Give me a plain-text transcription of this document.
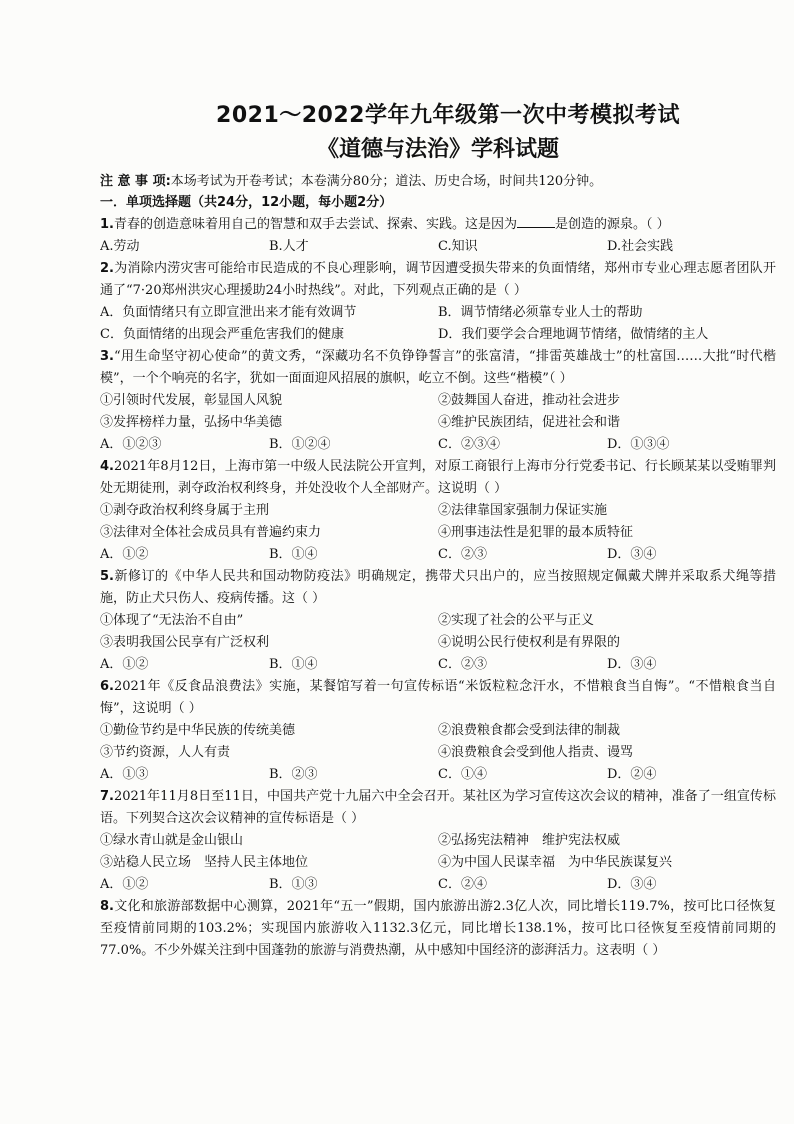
2021～2022学年九年级第一次中考模拟考试
《道德与法治》学科试题
注 意 事 项:本场考试为开卷考试；本卷满分80分；道法、历史合场，时间共120分钟。
一．单项选择题（共24分，12小题，每小题2分）
1.青春的创造意味着用自己的智慧和双手去尝试、探索、实践。这是因为	是创造的源泉。（ ）
A.劳动	B.人才	C.知识	D.社会实践
2.为消除内涝灾害可能给市民造成的不良心理影响，调节因遭受损失带来的负面情绪，郑州市专业心理志愿者团队开通了“7·20郑州洪灾心理援助24小时热线”。对此，下列观点正确的是（ ）
A．负面情绪只有立即宣泄出来才能有效调节	B．调节情绪必须靠专业人士的帮助
C．负面情绪的出现会严重危害我们的健康	D．我们要学会合理地调节情绪，做情绪的主人
3.“用生命坚守初心使命”的黄文秀，“深藏功名不负铮铮誓言”的张富清，“排雷英雄战士”的杜富国……大批“时代楷模”，一个个响亮的名字，犹如一面面迎风招展的旗帜，屹立不倒。这些“楷模”（ ）
①引领时代发展，彰显国人风貌	②鼓舞国人奋进，推动社会进步
③发挥榜样力量，弘扬中华美德	④维护民族团结，促进社会和谐
A．①②③	B．①②④	C．②③④	D．①③④
4.2021年8月12日，上海市第一中级人民法院公开宣判，对原工商银行上海市分行党委书记、行长顾某某以受贿罪判处无期徒刑，剥夺政治权利终身，并处没收个人全部财产。这说明（ ）
①剥夺政治权利终身属于主刑	②法律靠国家强制力保证实施
③法律对全体社会成员具有普遍约束力	④刑事违法性是犯罪的最本质特征
A．①②	B．①④	C．②③	D．③④
5.新修订的《中华人民共和国动物防疫法》明确规定，携带犬只出户的，应当按照规定佩戴犬牌并采取系犬绳等措施，防止犬只伤人、疫病传播。这（ ）
①体现了“无法治不自由”	②实现了社会的公平与正义
③表明我国公民享有广泛权利	④说明公民行使权利是有界限的
A．①②	B．①④	C．②③	D．③④
6.2021年《反食品浪费法》实施，某餐馆写着一句宣传标语“米饭粒粒念汗水，不惜粮食当自悔”。“不惜粮食当自悔”，这说明（ ）
①勤俭节约是中华民族的传统美德	②浪费粮食都会受到法律的制裁
③节约资源，人人有责	④浪费粮食会受到他人指责、谩骂
A．①③	B．②③	C．①④	D．②④
7.2021年11月8日至11日，中国共产党十九届六中全会召开。某社区为学习宣传这次会议的精神，准备了一组宣传标语。下列契合这次会议精神的宣传标语是（ ）
①绿水青山就是金山银山	②弘扬宪法精神　维护宪法权威
③站稳人民立场　坚持人民主体地位	④为中国人民谋幸福　为中华民族谋复兴
A．①②	B．①③	C．②④	D．③④
8.文化和旅游部数据中心测算，2021年“五一”假期，国内旅游出游2.3亿人次，同比增长119.7%，按可比口径恢复至疫情前同期的103.2%；实现国内旅游收入1132.3亿元，同比增长138.1%，按可比口径恢复至疫情前同期的77.0%。不少外媒关注到中国蓬勃的旅游与消费热潮，从中感知中国经济的澎湃活力。这表明（ ）
